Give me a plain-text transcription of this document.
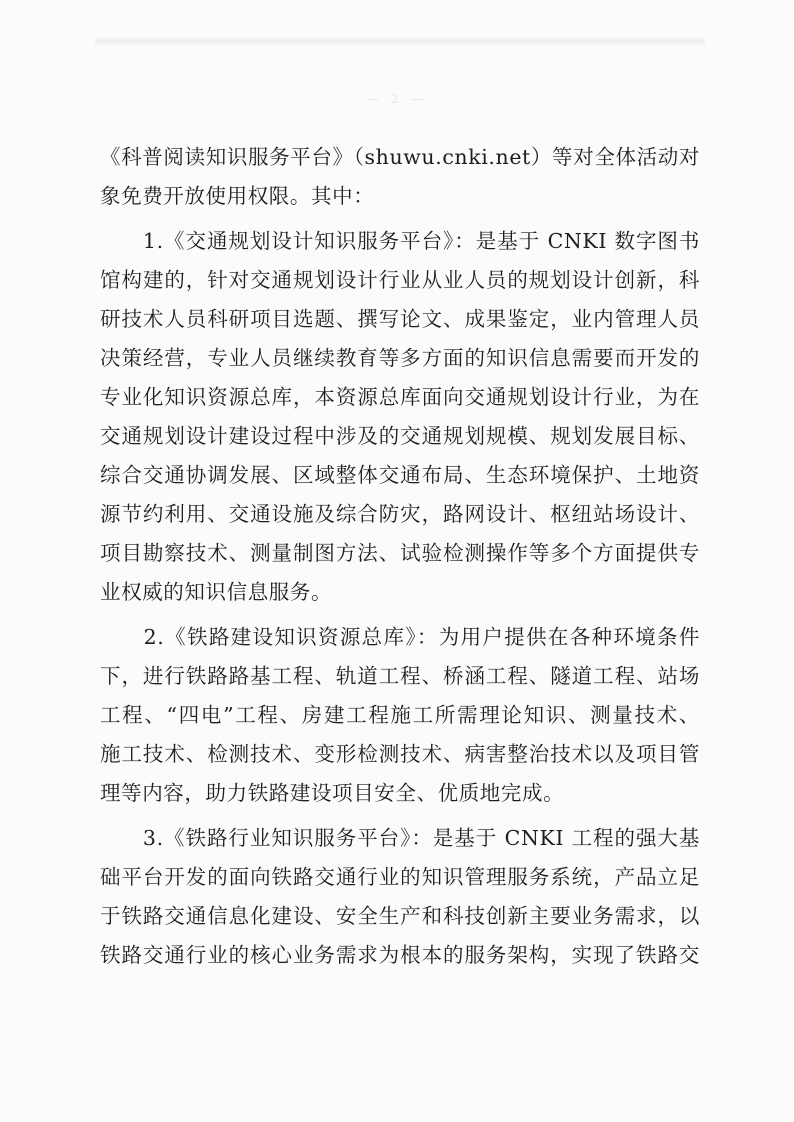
— 2 —

《科普阅读知识服务平台》（shuwu.cnki.net）等对全体活动对
象免费开放使用权限。其中：

　　1.《交通规划设计知识服务平台》：是基于 CNKI 数字图书
馆构建的，针对交通规划设计行业从业人员的规划设计创新，科
研技术人员科研项目选题、撰写论文、成果鉴定，业内管理人员
决策经营，专业人员继续教育等多方面的知识信息需要而开发的
专业化知识资源总库，本资源总库面向交通规划设计行业，为在
交通规划设计建设过程中涉及的交通规划规模、规划发展目标、
综合交通协调发展、区域整体交通布局、生态环境保护、土地资
源节约利用、交通设施及综合防灾，路网设计、枢纽站场设计、
项目勘察技术、测量制图方法、试验检测操作等多个方面提供专
业权威的知识信息服务。

　　2.《铁路建设知识资源总库》：为用户提供在各种环境条件
下，进行铁路路基工程、轨道工程、桥涵工程、隧道工程、站场
工程、“四电”工程、房建工程施工所需理论知识、测量技术、
施工技术、检测技术、变形检测技术、病害整治技术以及项目管
理等内容，助力铁路建设项目安全、优质地完成。

　　3.《铁路行业知识服务平台》：是基于 CNKI 工程的强大基
础平台开发的面向铁路交通行业的知识管理服务系统，产品立足
于铁路交通信息化建设、安全生产和科技创新主要业务需求，以
铁路交通行业的核心业务需求为根本的服务架构，实现了铁路交
